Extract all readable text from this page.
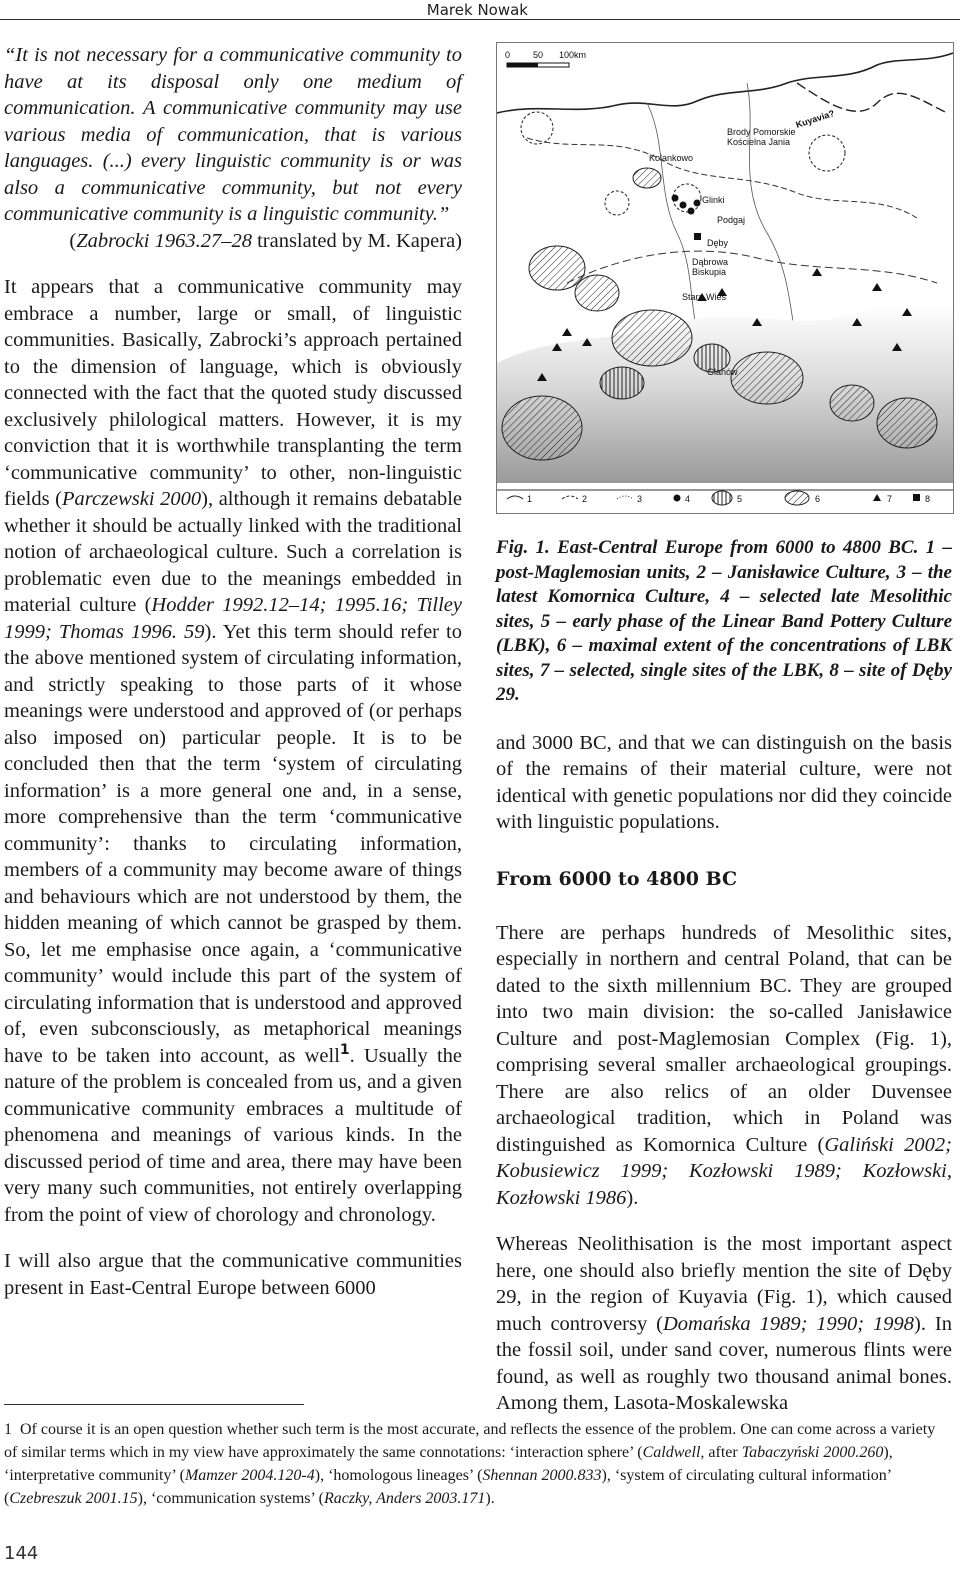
Marek Nowak
“It is not necessary for a communicative community to have at its disposal only one medium of communication. A communicative community may use various media of communication, that is various languages. (...) every linguistic community is or was also a communicative community, but not every communicative community is a linguistic community.”
(Zabrocki 1963.27–28 translated by M. Kapera)

It appears that a communicative community may embrace a number, large or small, of linguistic communities. Basically, Zabrocki’s approach pertained to the dimension of language, which is obviously connected with the fact that the quoted study discussed exclusively philological matters. However, it is my conviction that it is worthwhile transplanting the term ‘communicative community’ to other, non-linguistic fields (Parczewski 2000), although it remains debatable whether it should be actually linked with the traditional notion of archaeological culture. Such a correlation is problematic even due to the meanings embedded in material culture (Hodder 1992.12–14; 1995.16; Tilley 1999; Thomas 1996. 59). Yet this term should refer to the above mentioned system of circulating information, and strictly speaking to those parts of it whose meanings were understood and approved of (or perhaps also imposed on) particular people. It is to be concluded then that the term ‘system of circulating information’ is a more general one and, in a sense, more comprehensive than the term ‘communicative community’: thanks to circulating information, members of a community may become aware of things and behaviours which are not understood by them, the hidden meaning of which cannot be grasped by them. So, let me emphasise once again, a ‘communicative community’ would include this part of the system of circulating information that is understood and approved of, even subconsciously, as metaphorical meanings have to be taken into account, as well$^1$. Usually the nature of the problem is concealed from us, and a given communicative community embraces a multitude of phenomena and meanings of various kinds. In the discussed period of time and area, there may have been very many such communities, not entirely overlapping from the point of view of chorology and chronology.

I will also argue that the communicative communities present in East-Central Europe between 6000

0	50 100km
Brody Pomorskie
Kościelna Jania
Kolankowo
Glinki
Podgaj
Dęby
Dąbrowa
Biskupia
Stara Wieś
Glanów
Kuyavia?
1	2	3	4	5	6	7	8
Fig. 1. East-Central Europe from 6000 to 4800 BC. 1 – post-Maglemosian units, 2 – Janisławice Culture, 3 – the latest Komornica Culture, 4 – selected late Mesolithic sites, 5 – early phase of the Linear Band Pottery Culture (LBK), 6 – maximal extent of the concentrations of LBK sites, 7 – selected, single sites of the LBK, 8 – site of Dęby 29.

and 3000 BC, and that we can distinguish on the basis of the remains of their material culture, were not identical with genetic populations nor did they coincide with linguistic populations.

From 6000 to 4800 BC

There are perhaps hundreds of Mesolithic sites, especially in northern and central Poland, that can be dated to the sixth millennium BC. They are grouped into two main division: the so-called Janisławice Culture and post-Maglemosian Complex (Fig. 1), comprising several smaller archaeological groupings. There are also relics of an older Duvensee archaeological tradition, which in Poland was distinguished as Komornica Culture (Galiński 2002; Kobusiewicz 1999; Kozłowski 1989; Kozłowski, Kozłowski 1986).

Whereas Neolithisation is the most important aspect here, one should also briefly mention the site of Dęby 29, in the region of Kuyavia (Fig. 1), which caused much controversy (Domańska 1989; 1990; 1998). In the fossil soil, under sand cover, numerous flints were found, as well as roughly two thousand animal bones. Among them, Lasota-Moskalewska

1 Of course it is an open question whether such term is the most accurate, and reflects the essence of the problem. One can come across a variety of similar terms which in my view have approximately the same connotations: ‘interaction sphere’ (Caldwell, after Tabaczyński 2000.260), ‘interpretative community’ (Mamzer 2004.120-4), ‘homologous lineages’ (Shennan 2000.833), ‘system of circulating cultural information’ (Czebreszuk 2001.15), ‘communication systems’ (Raczky, Anders 2003.171).

144
